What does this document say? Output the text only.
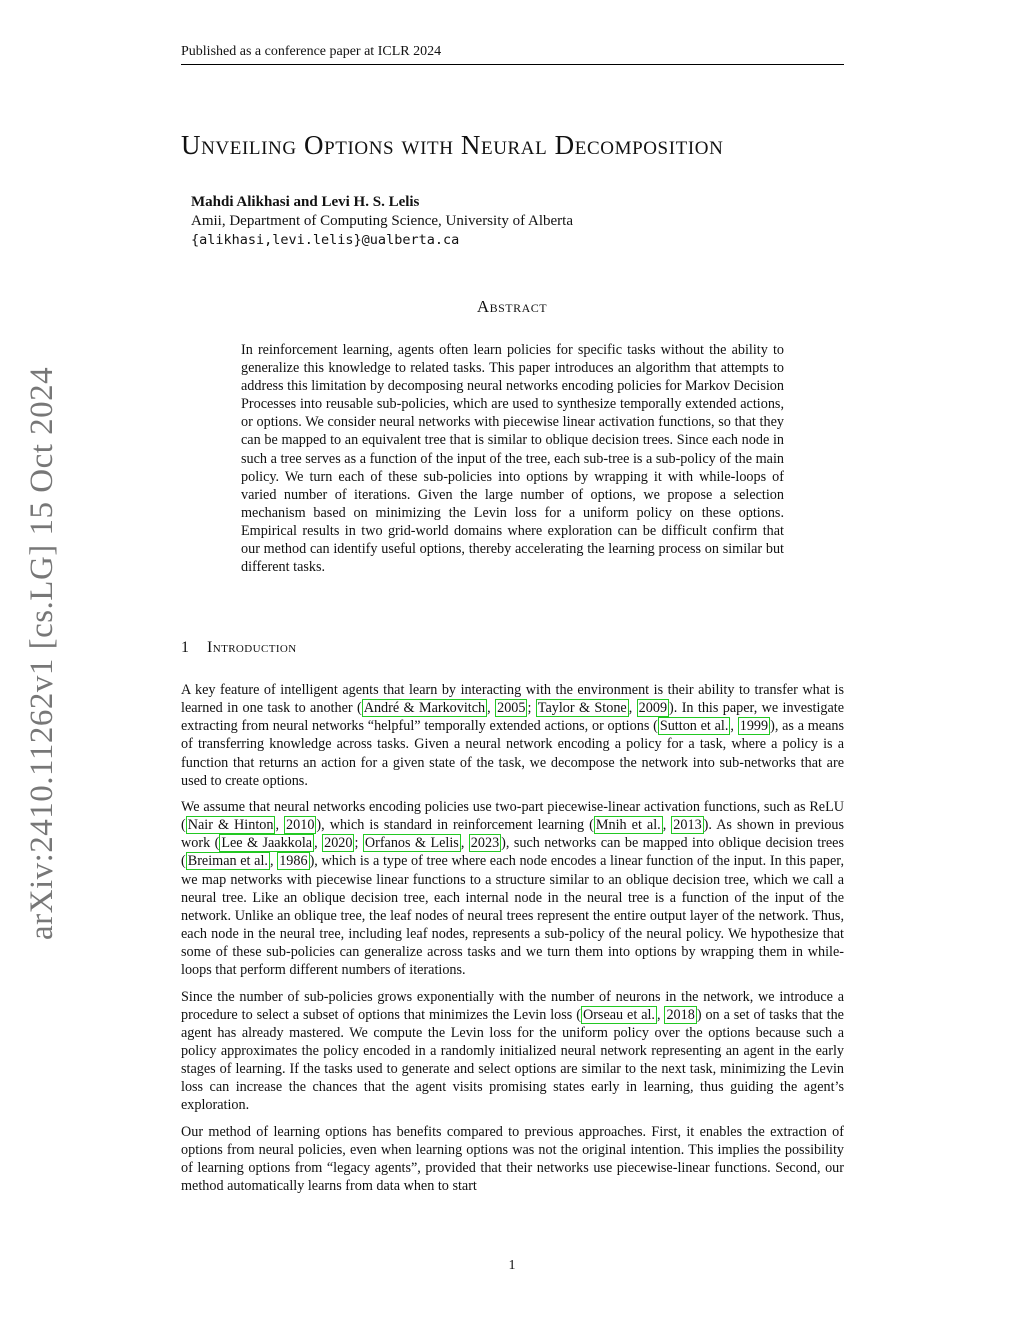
Published as a conference paper at ICLR 2024
arXiv:2410.11262v1 [cs.LG] 15 Oct 2024
Unveiling Options with Neural Decomposition
Mahdi Alikhasi and Levi H. S. Lelis
Amii, Department of Computing Science, University of Alberta
{alikhasi,levi.lelis}@ualberta.ca
Abstract

In reinforcement learning, agents often learn policies for specific tasks without the ability to generalize this knowledge to related tasks. This paper introduces an algorithm that attempts to address this limitation by decomposing neural networks encoding policies for Markov Decision Processes into reusable sub-policies, which are used to synthesize temporally extended actions, or options. We consider neural networks with piecewise linear activation functions, so that they can be mapped to an equivalent tree that is similar to oblique decision trees. Since each node in such a tree serves as a function of the input of the tree, each sub-tree is a sub-policy of the main policy. We turn each of these sub-policies into options by wrapping it with while-loops of varied number of iterations. Given the large number of options, we propose a selection mechanism based on minimizing the Levin loss for a uniform policy on these options. Empirical results in two grid-world domains where exploration can be difficult confirm that our method can identify useful options, thereby accelerating the learning process on similar but different tasks.

1 Introduction

A key feature of intelligent agents that learn by interacting with the environment is their ability to transfer what is learned in one task to another ( André & Markovitch , 2005 ; Taylor & Stone , 2009 ). In this paper, we investigate extracting from neural networks “helpful” temporally extended actions, or options ( Sutton et al. , 1999 ), as a means of transferring knowledge across tasks. Given a neural network encoding a policy for a task, where a policy is a function that returns an action for a given state of the task, we decompose the network into sub-networks that are used to create options.

We assume that neural networks encoding policies use two-part piecewise-linear activation functions, such as ReLU ( Nair & Hinton , 2010 ), which is standard in reinforcement learning ( Mnih et al. , 2013 ). As shown in previous work ( Lee & Jaakkola , 2020 ; Orfanos & Lelis , 2023 ), such networks can be mapped into oblique decision trees ( Breiman et al. , 1986 ), which is a type of tree where each node encodes a linear function of the input. In this paper, we map networks with piecewise linear functions to a structure similar to an oblique decision tree, which we call a neural tree. Like an oblique decision tree, each internal node in the neural tree is a function of the input of the network. Unlike an oblique tree, the leaf nodes of neural trees represent the entire output layer of the network. Thus, each node in the neural tree, including leaf nodes, represents a sub-policy of the neural policy. We hypothesize that some of these sub-policies can generalize across tasks and we turn them into options by wrapping them in while-loops that perform different numbers of iterations.

Since the number of sub-policies grows exponentially with the number of neurons in the network, we introduce a procedure to select a subset of options that minimizes the Levin loss ( Orseau et al. , 2018 ) on a set of tasks that the agent has already mastered. We compute the Levin loss for the uniform policy over the options because such a policy approximates the policy encoded in a randomly initialized neural network representing an agent in the early stages of learning. If the tasks used to generate and select options are similar to the next task, minimizing the Levin loss can increase the chances that the agent visits promising states early in learning, thus guiding the agent’s exploration.

Our method of learning options has benefits compared to previous approaches. First, it enables the extraction of options from neural policies, even when learning options was not the original intention. This implies the possibility of learning options from “legacy agents”, provided that their networks use piecewise-linear functions. Second, our method automatically learns from data when to start

1
